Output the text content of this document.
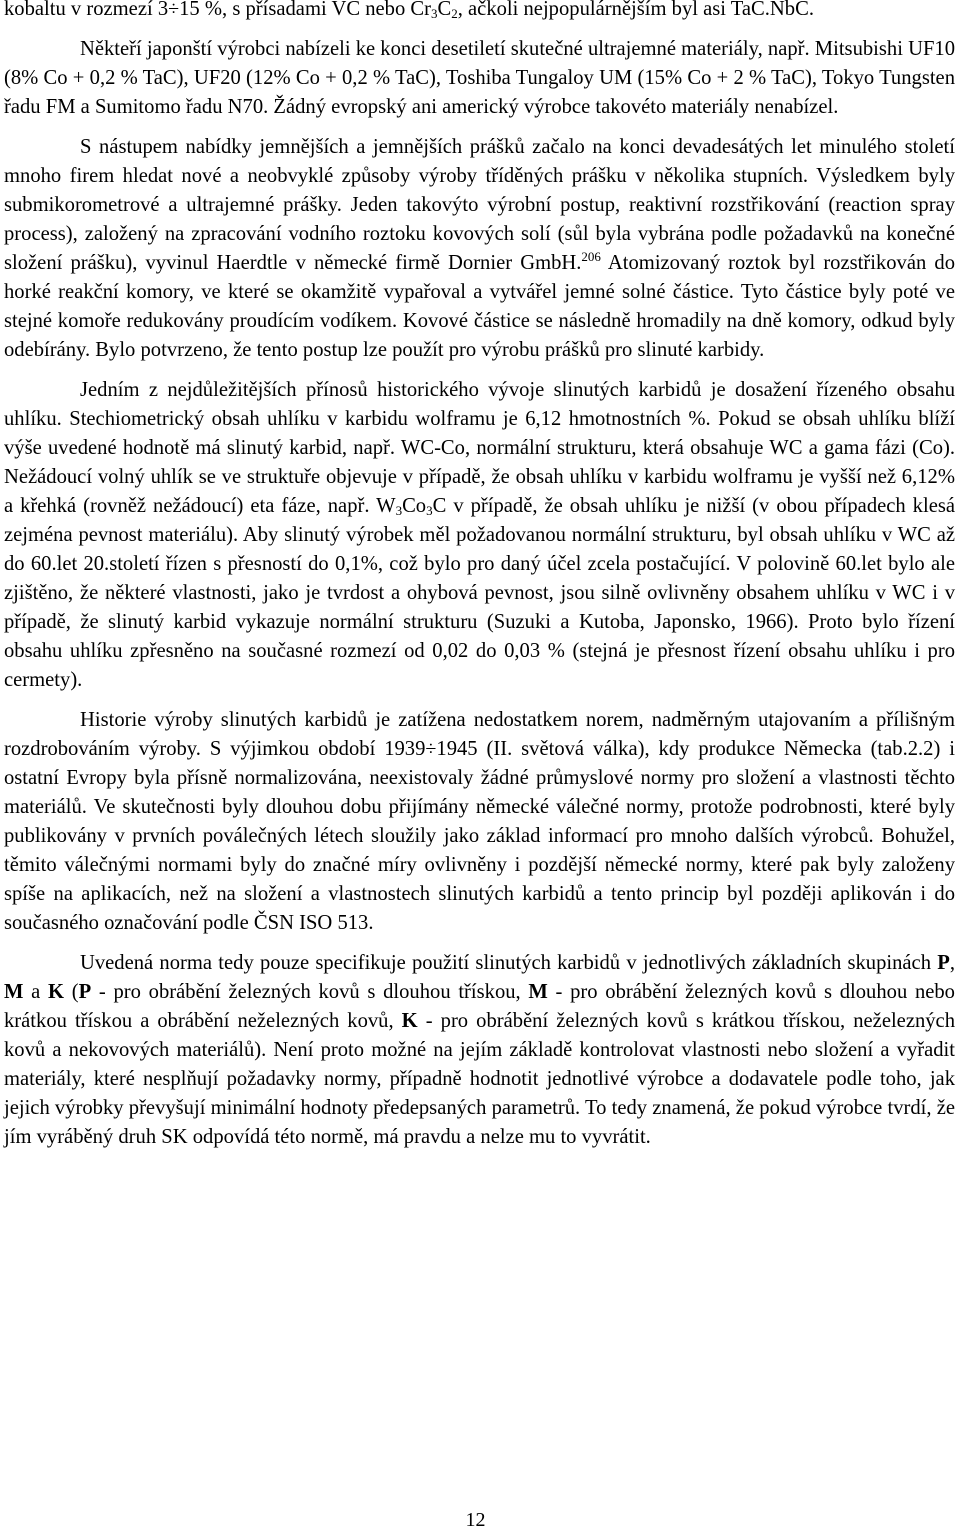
kobaltu v rozmezí 3÷15 %, s přísadami VC nebo $Cr_3C_2$, ačkoli nejpopulárnějším byl asi TaC.NbC.

Někteří japonští výrobci nabízeli ke konci desetiletí skutečné ultrajemné materiály, např. Mitsubishi UF10 (8% Co + 0,2 % TaC), UF20 (12% Co + 0,2 % TaC), Toshiba Tungaloy UM (15% Co + 2 % TaC), Tokyo Tungsten řadu FM a Sumitomo řadu N70. Žádný evropský ani americký výrobce takovéto materiály nenabízel.

S nástupem nabídky jemnějších a jemnějších prášků začalo na konci devadesátých let minulého století mnoho firem hledat nové a neobvyklé způsoby výroby tříděných prášku v několika stupních. Výsledkem byly submikorometrové a ultrajemné prášky. Jeden takovýto výrobní postup, reaktivní rozstřikování (reaction spray process), založený na zpracování vodního roztoku kovových solí (sůl byla vybrána podle požadavků na konečné složení prášku), vyvinul Haerdtle v německé firmě Dornier GmbH.$^{206}$ Atomizovaný roztok byl rozstřikován do horké reakční komory, ve které se okamžitě vypařoval a vytvářel jemné solné částice. Tyto částice byly poté ve stejné komoře redukovány proudícím vodíkem. Kovové částice se následně hromadily na dně komory, odkud byly odebírány. Bylo potvrzeno, že tento postup lze použít pro výrobu prášků pro slinuté karbidy.

Jedním z nejdůležitějších přínosů historického vývoje slinutých karbidů je dosažení řízeného obsahu uhlíku. Stechiometrický obsah uhlíku v karbidu wolframu je 6,12 hmotnostních %. Pokud se obsah uhlíku blíží výše uvedené hodnotě má slinutý karbid, např. WC-Co, normální strukturu, která obsahuje WC a gama fázi (Co). Nežádoucí volný uhlík se ve struktuře objevuje v případě, že obsah uhlíku v karbidu wolframu je vyšší než 6,12% a křehká (rovněž nežádoucí) eta fáze, např. $W_3Co_3C$ v případě, že obsah uhlíku je nižší (v obou případech klesá zejména pevnost materiálu). Aby slinutý výrobek měl požadovanou normální strukturu, byl obsah uhlíku v WC až do 60.let 20.století řízen s přesností do 0,1%, což bylo pro daný účel zcela postačující. V polovině 60.let bylo ale zjištěno, že některé vlastnosti, jako je tvrdost a ohybová pevnost, jsou silně ovlivněny obsahem uhlíku v WC i v případě, že slinutý karbid vykazuje normální strukturu (Suzuki a Kutoba, Japonsko, 1966). Proto bylo řízení obsahu uhlíku zpřesněno na současné rozmezí od 0,02 do 0,03 % (stejná je přesnost řízení obsahu uhlíku i pro cermety).

Historie výroby slinutých karbidů je zatížena nedostatkem norem, nadměrným utajovaním a přílišným rozdrobováním výroby. S výjimkou období 1939÷1945 (II. světová válka), kdy produkce Německa (tab.2.2) i ostatní Evropy byla přísně normalizována, neexistovaly žádné průmyslové normy pro složení a vlastnosti těchto materiálů. Ve skutečnosti byly dlouhou dobu přijímány německé válečné normy, protože podrobnosti, které byly publikovány v prvních poválečných létech sloužily jako základ informací pro mnoho dalších výrobců. Bohužel, těmito válečnými normami byly do značné míry ovlivněny i pozdější německé normy, které pak byly založeny spíše na aplikacích, než na složení a vlastnostech slinutých karbidů a tento princip byl později aplikován i do současného označování podle ČSN ISO 513.

Uvedená norma tedy pouze specifikuje použití slinutých karbidů v jednotlivých základních skupinách P, M a K (P - pro obrábění železných kovů s dlouhou třískou, M - pro obrábění železných kovů s dlouhou nebo krátkou třískou a obrábění neželezných kovů, K - pro obrábění železných kovů s krátkou třískou, neželezných kovů a nekovových materiálů). Není proto možné na jejím základě kontrolovat vlastnosti nebo složení a vyřadit materiály, které nesplňují požadavky normy, případně hodnotit jednotlivé výrobce a dodavatele podle toho, jak jejich výrobky převyšují minimální hodnoty předepsaných parametrů. To tedy znamená, že pokud výrobce tvrdí, že jím vyráběný druh SK odpovídá této normě, má pravdu a nelze mu to vyvrátit.

12
